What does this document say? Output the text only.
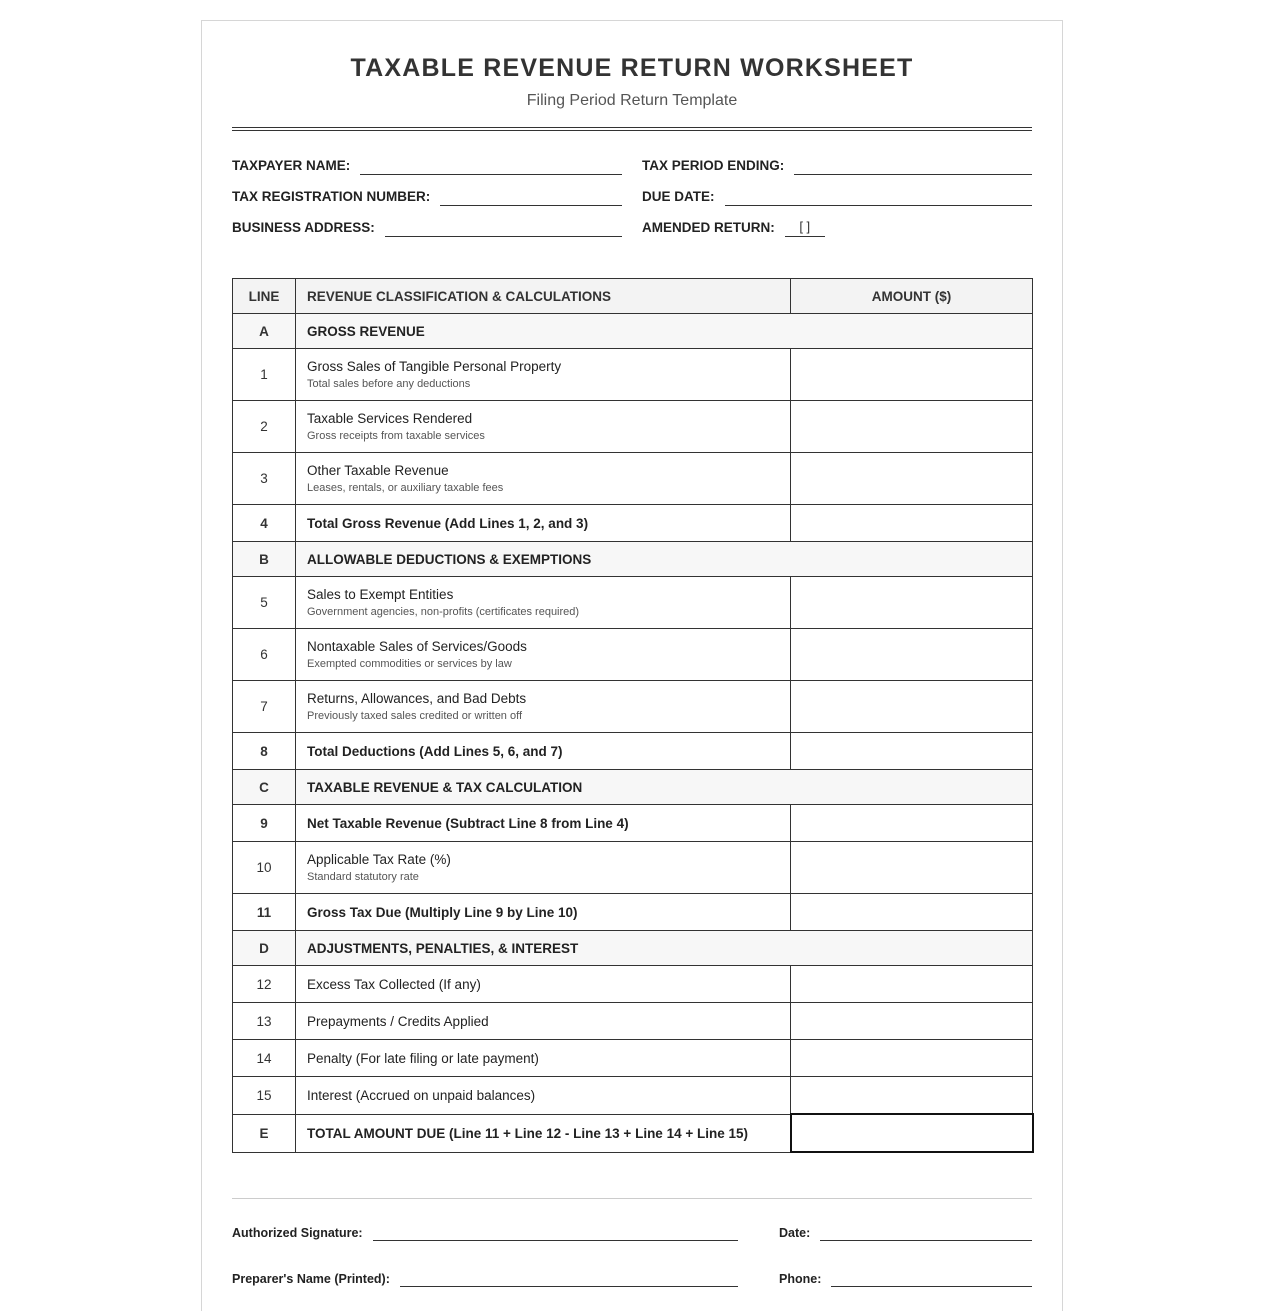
TAXABLE REVENUE RETURN WORKSHEET
Filing Period Return Template
TAXPAYER NAME:	TAX PERIOD ENDING:
TAX REGISTRATION NUMBER:	DUE DATE:
BUSINESS ADDRESS:	AMENDED RETURN:	[ ]
LINE	REVENUE CLASSIFICATION & CALCULATIONS	AMOUNT ($)
A	GROSS REVENUE	
1	Gross Sales of Tangible Personal Property
Total sales before any deductions	

2	Taxable Services Rendered
Gross receipts from taxable services	

3	Other Taxable Revenue
Leases, rentals, or auxiliary taxable fees	

4	Total Gross Revenue (Add Lines 1, 2, and 3)	
B	ALLOWABLE DEDUCTIONS & EXEMPTIONS	
5	Sales to Exempt Entities
Government agencies, non-profits (certificates required)	

6	Nontaxable Sales of Services/Goods
Exempted commodities or services by law	

7	Returns, Allowances, and Bad Debts
Previously taxed sales credited or written off	

8	Total Deductions (Add Lines 5, 6, and 7)	
C	TAXABLE REVENUE & TAX CALCULATION	
9	Net Taxable Revenue (Subtract Line 8 from Line 4)	
10	Applicable Tax Rate (%)
Standard statutory rate	

11	Gross Tax Due (Multiply Line 9 by Line 10)	
D	ADJUSTMENTS, PENALTIES, & INTEREST	
12	Excess Tax Collected (If any)	
13	Prepayments / Credits Applied	
14	Penalty (For late filing or late payment)	
15	Interest (Accrued on unpaid balances)	
E	TOTAL AMOUNT DUE (Line 11 + Line 12 - Line 13 + Line 14 + Line 15)	
Authorized Signature:	Date:
Preparer's Name (Printed):	Phone:
